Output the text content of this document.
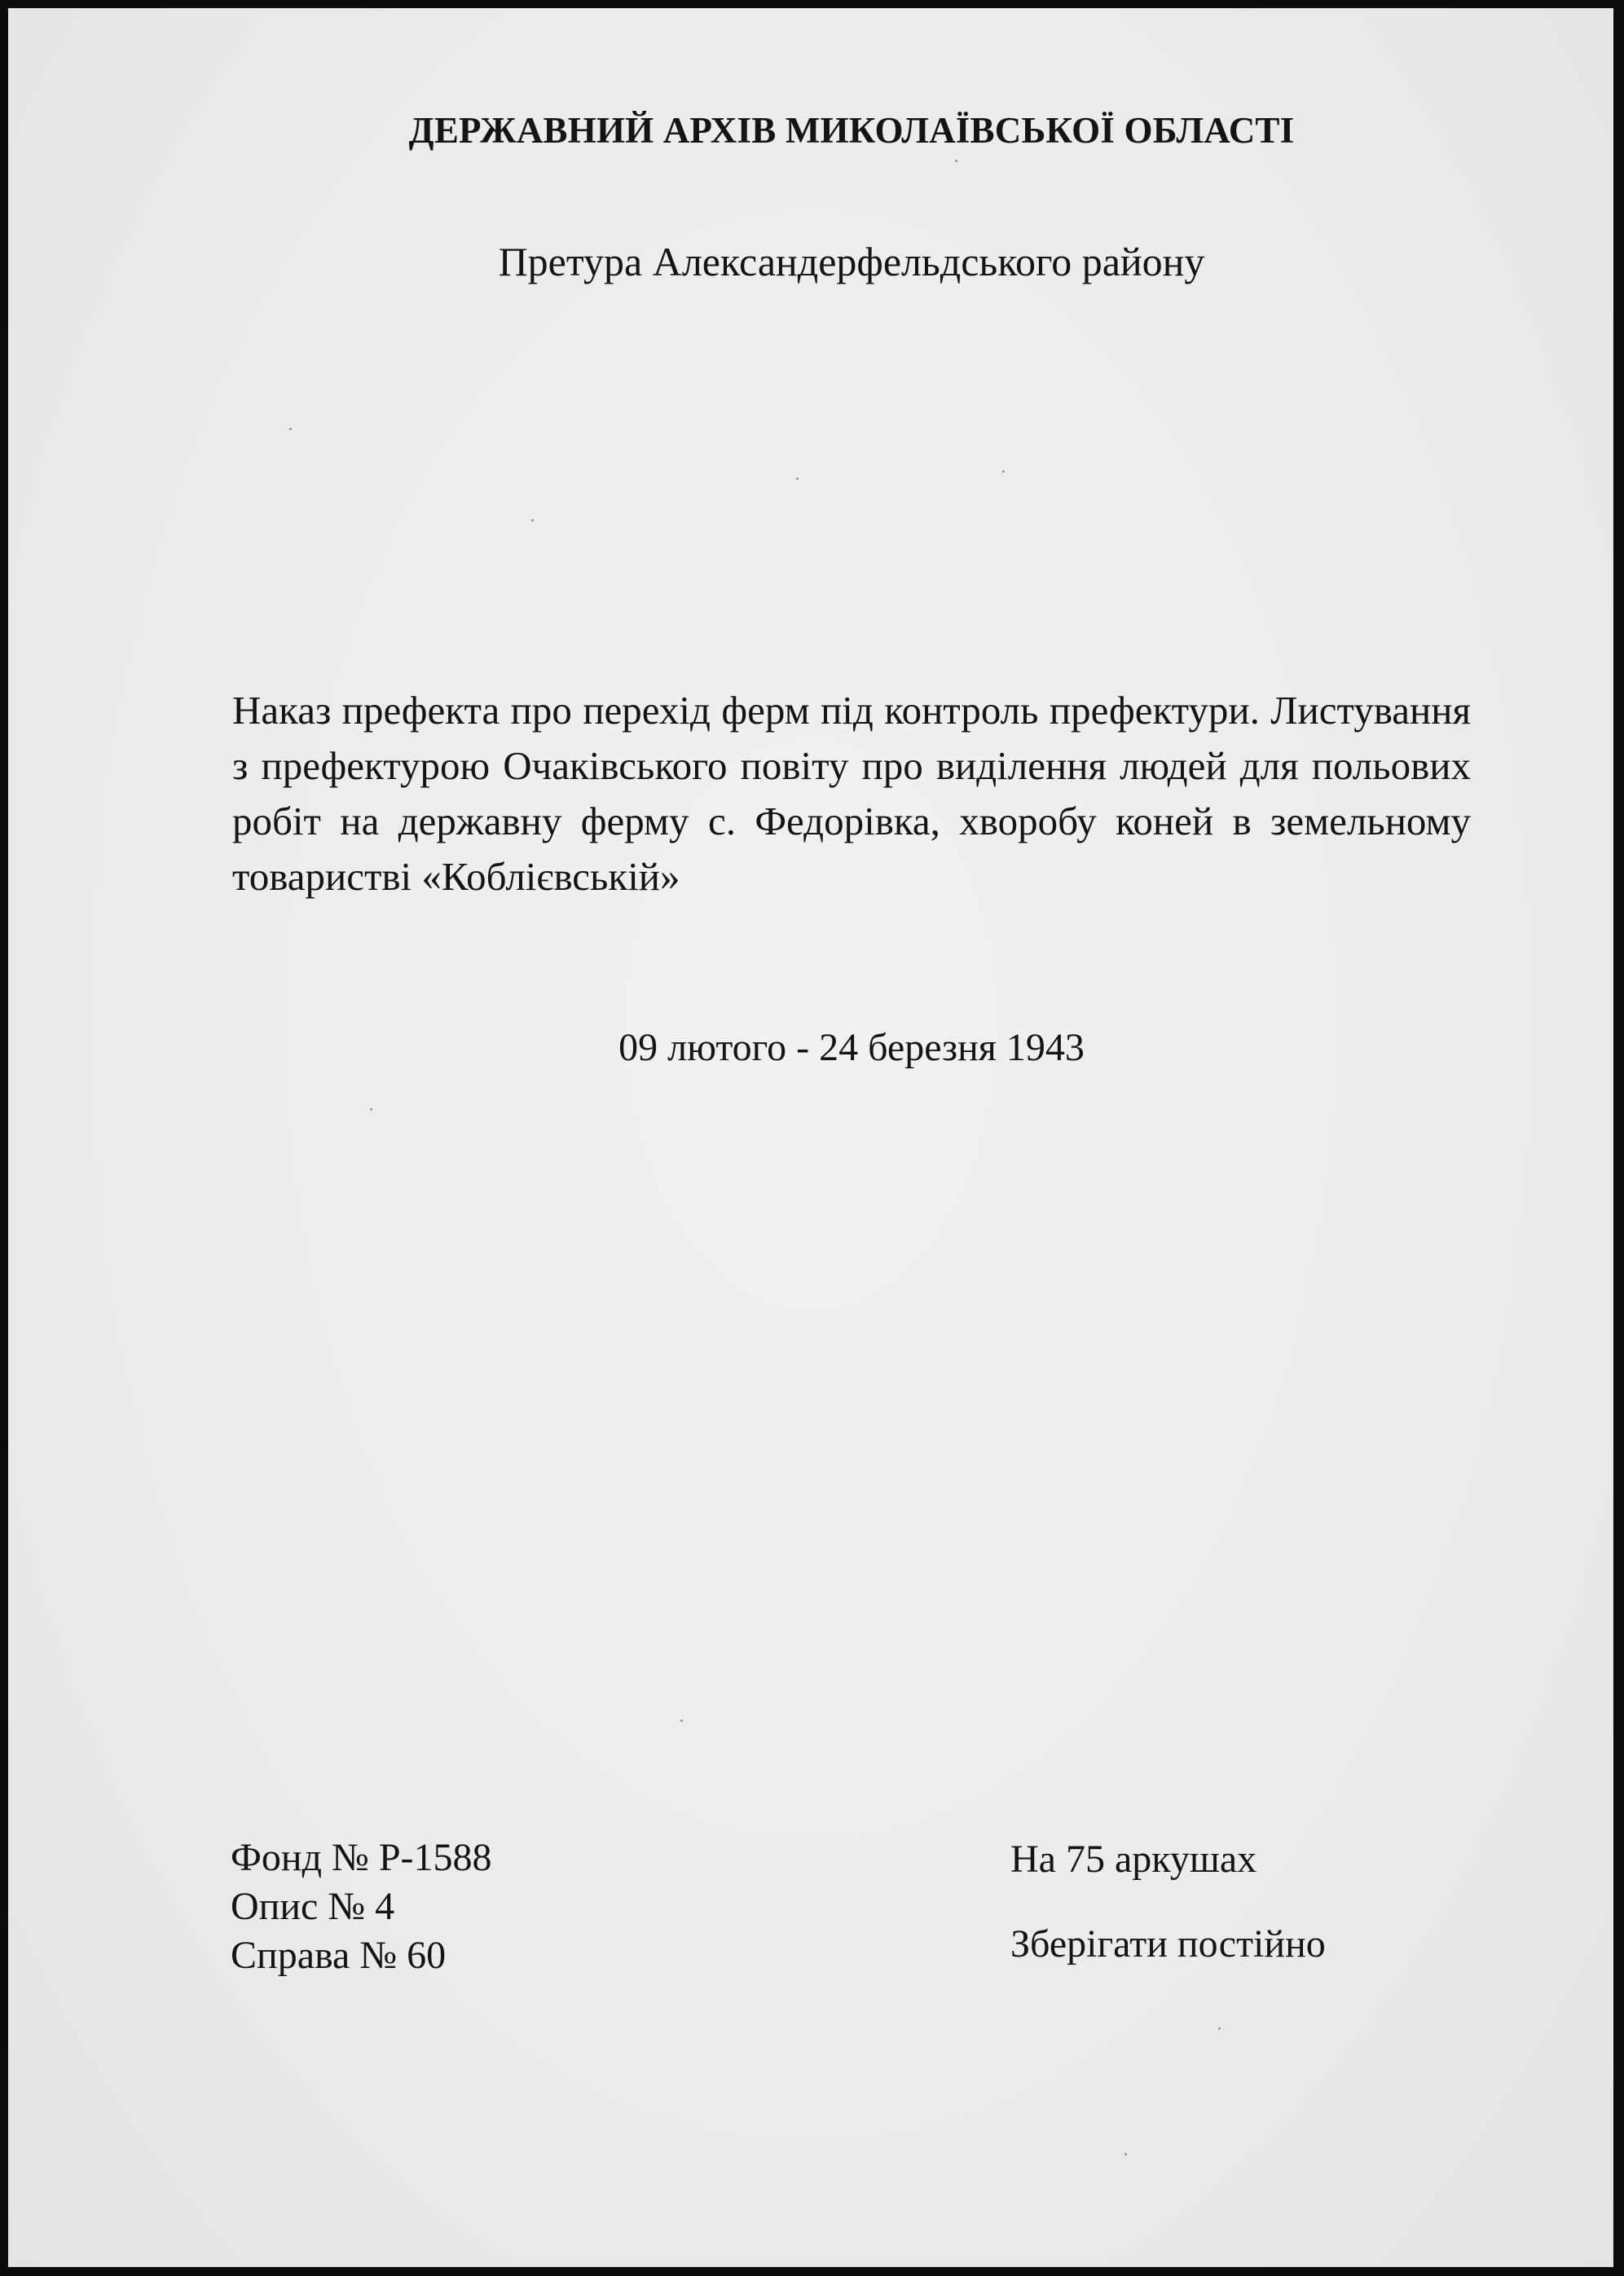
ДЕРЖАВНИЙ АРХІВ МИКОЛАЇВСЬКОЇ ОБЛАСТІ
Претура Александерфельдського району
Наказ префекта про перехід ферм під контроль префектури. Листування з префектурою Очаківського повіту про виділення людей для польових робіт на державну ферму с. Федорівка, хворобу коней в земельному товаристві «Коблієвській»
09 лютого - 24 березня 1943
Фонд № Р-1588
Опис № 4
Справа № 60
На 75 аркушах
Зберігати постійно
